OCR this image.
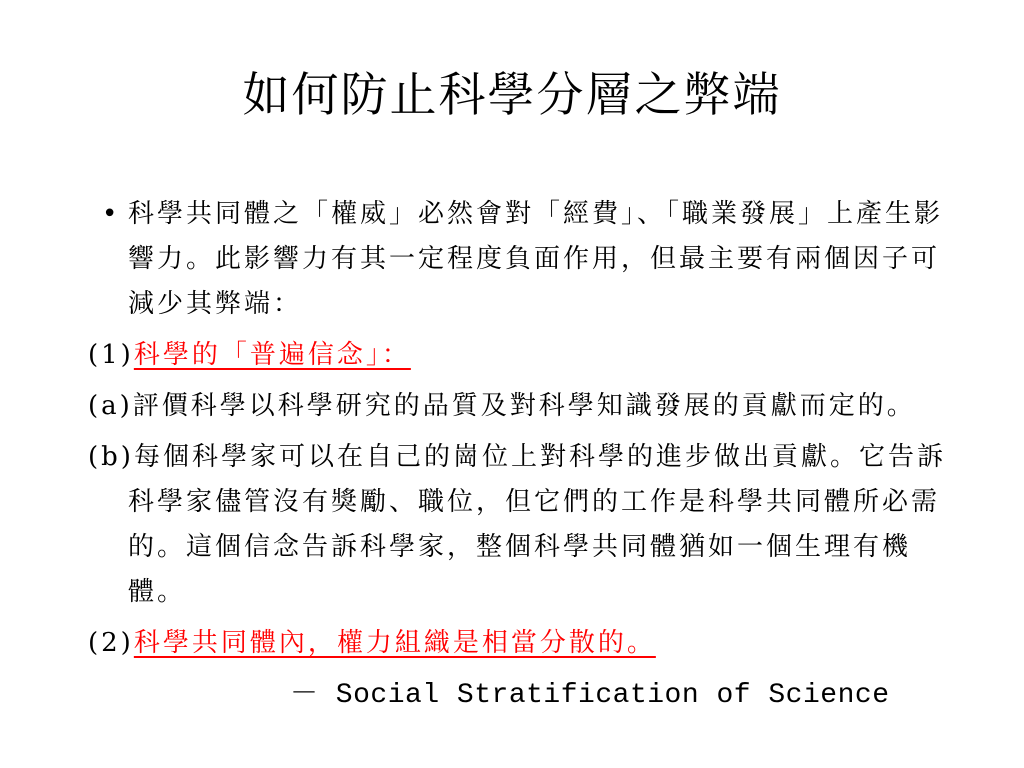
如何防止科學分層之弊端
• 科學共同體之「權威」必然會對「經費」、「職業發展」上產生影響力。此影響力有其一定程度負面作用，但最主要有兩個因子可減少其弊端：
(1)科學的「普遍信念」：
(a)評價科學以科學研究的品質及對科學知識發展的貢獻而定的。
(b)每個科學家可以在自己的崗位上對科學的進步做出貢獻。它告訴科學家儘管沒有獎勵、職位，但它們的工作是科學共同體所必需的。這個信念告訴科學家，整個科學共同體猶如一個生理有機體。
(2)科學共同體內，權力組織是相當分散的。
－ Social Stratification of Science
